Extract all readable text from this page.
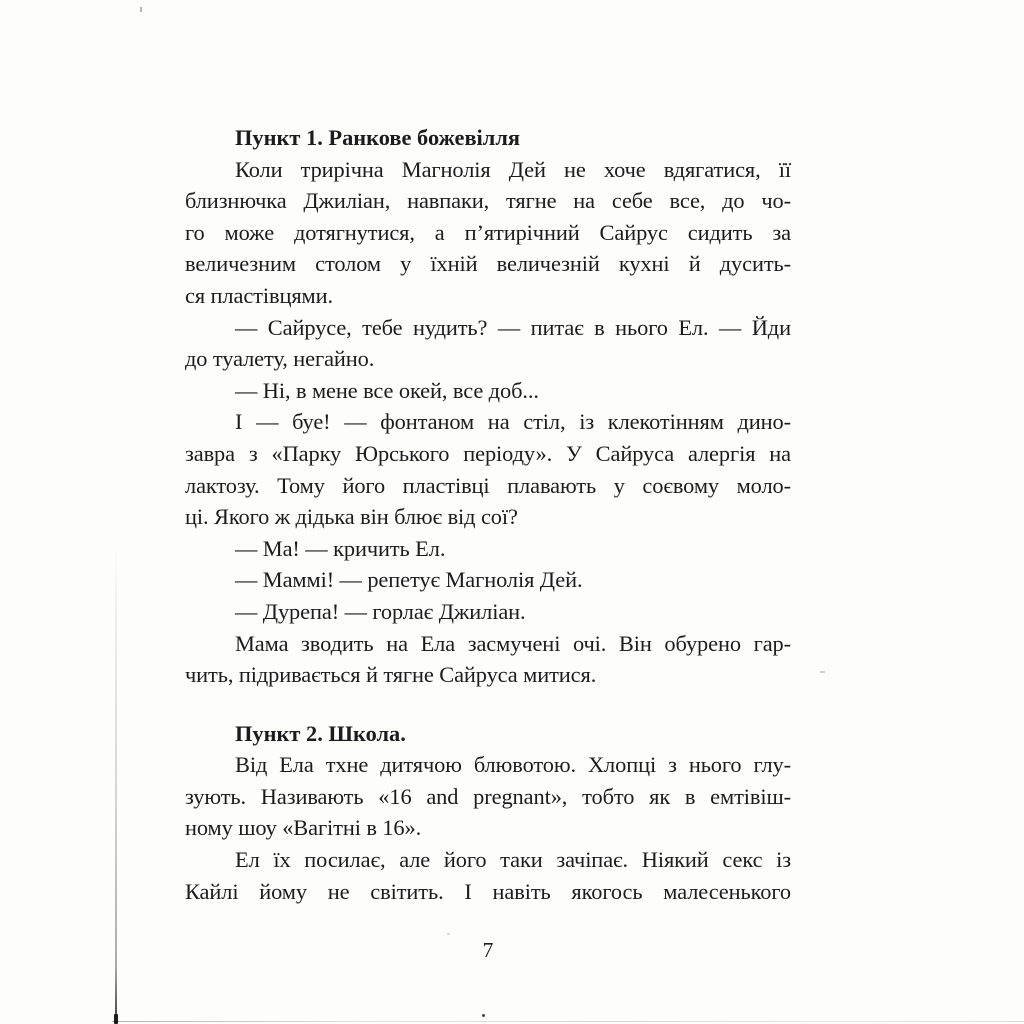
Пункт 1. Ранкове божевілля
Коли трирічна Магнолія Дей не хоче вдягатися, її
близнючка Джиліан, навпаки, тягне на себе все, до чо-
го може дотягнутися, а п’ятирічний Сайрус сидить за
величезним столом у їхній величезній кухні й дусить-
ся пластівцями.
— Сайрусе, тебе нудить? — питає в нього Ел. — Йди
до туалету, негайно.
— Ні, в мене все окей, все доб...
І — буе! — фонтаном на стіл, із клекотінням дино-
завра з «Парку Юрського періоду». У Сайруса алергія на
лактозу. Тому його пластівці плавають у соєвому моло-
ці. Якого ж дідька він блює від сої?
— Ма! — кричить Ел.
— Маммі! — репетує Магнолія Дей.
— Дурепа! — горлає Джиліан.
Мама зводить на Ела засмучені очі. Він обурено гар-
чить, підривається й тягне Сайруса митися.
Пункт 2. Школа.
Від Ела тхне дитячою блювотою. Хлопці з нього глу-
зують. Називають «16 and pregnant», тобто як в емтівіш-
ному шоу «Вагітні в 16».
Ел їх посилає, але його таки зачіпає. Ніякий секс із
Кайлі йому не світить. І навіть якогось малесенького
7
